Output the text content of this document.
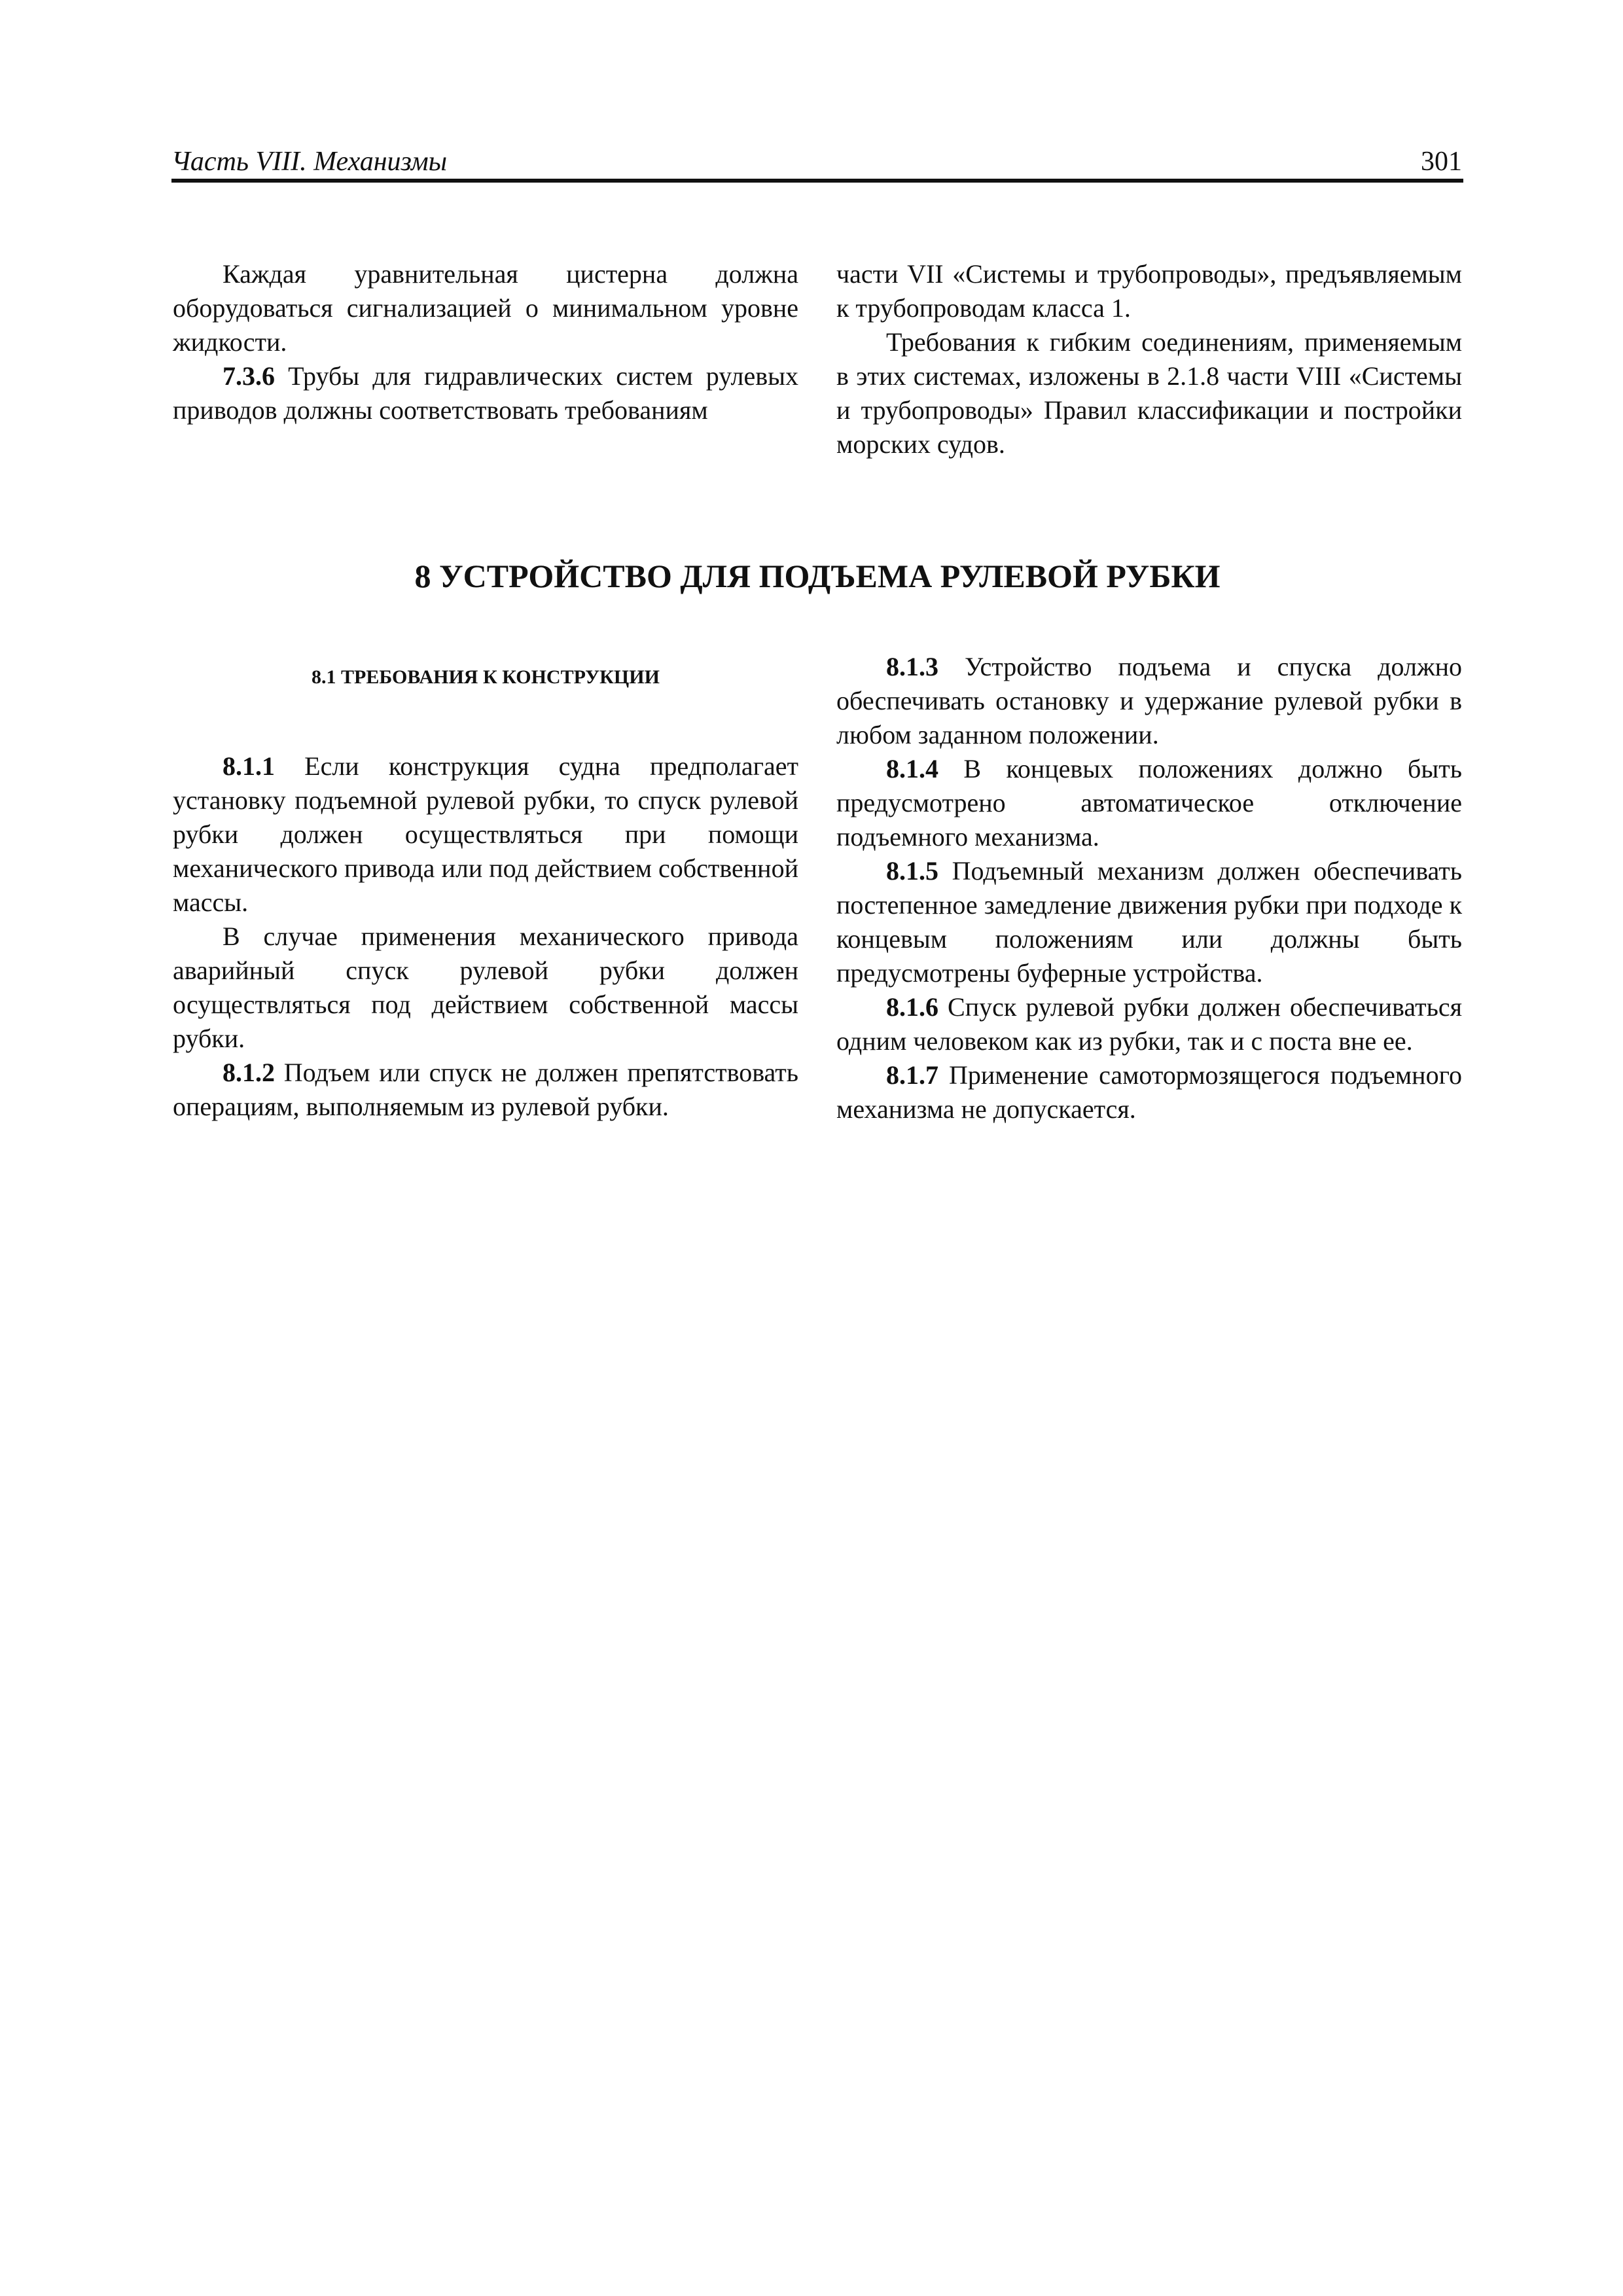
Часть VIII. Механизмы	301

Каждая уравнительная цистерна должна оборудоваться сигнализацией о минимальном уровне жидкости.

7.3.6 Трубы для гидравлических систем рулевых приводов должны соответствовать требованиям

части VII «Системы и трубопроводы», предъявляемым к трубопроводам класса 1.

Требования к гибким соединениям, применяемым в этих системах, изложены в 2.1.8 части VIII «Системы и трубопроводы» Правил классификации и постройки морских судов.

8 УСТРОЙСТВО ДЛЯ ПОДЪЕМА РУЛЕВОЙ РУБКИ
8.1 ТРЕБОВАНИЯ К КОНСТРУКЦИИ

8.1.1 Если конструкция судна предполагает установку подъемной рулевой рубки, то спуск рулевой рубки должен осуществляться при помощи механического привода или под действием собственной массы.

В случае применения механического привода аварийный спуск рулевой рубки должен осуществляться под действием собственной массы рубки.

8.1.2 Подъем или спуск не должен препятствовать операциям, выполняемым из рулевой рубки.

8.1.3 Устройство подъема и спуска должно обеспечивать остановку и удержание рулевой рубки в любом заданном положении.

8.1.4 В концевых положениях должно быть предусмотрено автоматическое отключение подъемного механизма.

8.1.5 Подъемный механизм должен обеспечивать постепенное замедление движения рубки при подходе к концевым положениям или должны быть предусмотрены буферные устройства.

8.1.6 Спуск рулевой рубки должен обеспечиваться одним человеком как из рубки, так и с поста вне ее.

8.1.7 Применение самотормозящегося подъемного механизма не допускается.
